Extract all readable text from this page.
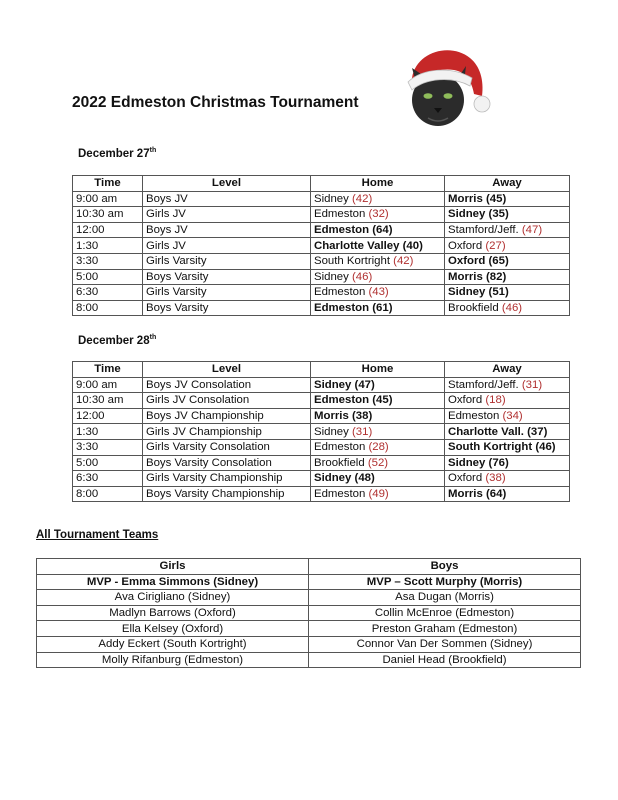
2022 Edmeston Christmas Tournament
December 27th
Time	Level	Home	Away
9:00 am	Boys JV	Sidney (42)	Morris (45)
10:30 am	Girls JV	Edmeston (32)	Sidney (35)
12:00	Boys JV	Edmeston (64)	Stamford/Jeff. (47)
1:30	Girls JV	Charlotte Valley (40)	Oxford (27)
3:30	Girls Varsity	South Kortright (42)	Oxford (65)
5:00	Boys Varsity	Sidney (46)	Morris (82)
6:30	Girls Varsity	Edmeston (43)	Sidney (51)
8:00	Boys Varsity	Edmeston (61)	Brookfield (46)
December 28th
Time	Level	Home	Away
9:00 am	Boys JV Consolation	Sidney (47)	Stamford/Jeff. (31)
10:30 am	Girls JV Consolation	Edmeston (45)	Oxford (18)
12:00	Boys JV Championship	Morris (38)	Edmeston (34)
1:30	Girls JV Championship	Sidney (31)	Charlotte Vall. (37)
3:30	Girls Varsity Consolation	Edmeston (28)	South Kortright (46)
5:00	Boys Varsity Consolation	Brookfield (52)	Sidney (76)
6:30	Girls Varsity Championship	Sidney (48)	Oxford (38)
8:00	Boys Varsity Championship	Edmeston (49)	Morris (64)
All Tournament Teams
Girls	Boys
MVP - Emma Simmons (Sidney)	MVP – Scott Murphy (Morris)
Ava Cirigliano (Sidney)	Asa Dugan (Morris)
Madlyn Barrows (Oxford)	Collin McEnroe (Edmeston)
Ella Kelsey (Oxford)	Preston Graham (Edmeston)
Addy Eckert (South Kortright)	Connor Van Der Sommen (Sidney)
Molly Rifanburg (Edmeston)	Daniel Head (Brookfield)
